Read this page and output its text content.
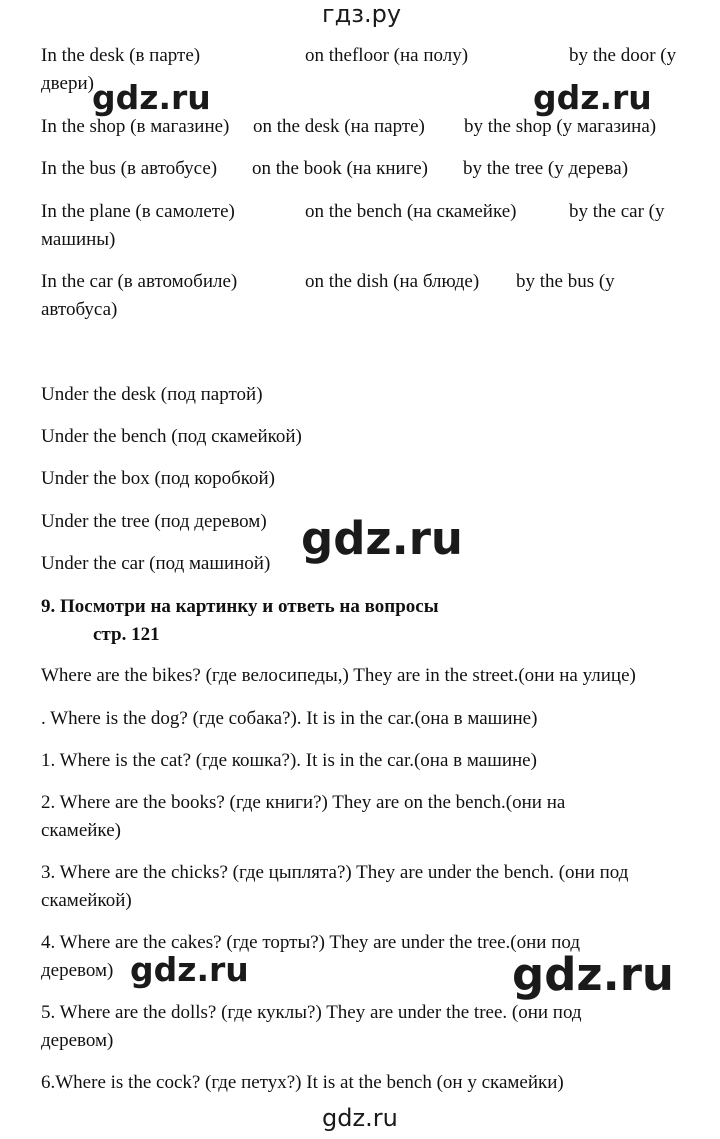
гдз.ру
In the desk (в парте)	on thefloor (на полу)	by the door (у
двери)
In the shop (в магазине) on the desk (на парте) by the shop (у магазина)
In the bus (в автобусе) on the book (на книге) by the tree (у дерева)
In the plane (в самолете)	on the bench (на скамейке)	by the car (у
машины)
In the car (в автомобиле)	on the dish (на блюде) by the bus (у
автобуса)
gdz.ru	gdz.ru
Under the desk (под партой)
Under the bench (под скамейкой)
Under the box (под коробкой)
Under the tree (под деревом)
Under the car (под машиной) gdz.ru
9. Посмотри на картинку и ответь на вопросы
стр. 121
Where are the bikes? (где велосипеды,) They are in the street.(они на улице)
. Where is the dog? (где собака?). It is in the car.(она в машине)
1. Where is the cat? (где кошка?). It is in the car.(она в машине)
2. Where are the books? (где книги?) They are on the bench.(они на
скамейке)
3. Where are the chicks? (где цыплята?) They are under the bench. (они под
скамейкой)
4. Where are the cakes? (где торты?) They are under the tree.(они под
деревом)
5. Where are the dolls? (где куклы?) They are under the tree. (они под
деревом)
6.Where is the cock? (где петух?) It is at the bench (он у скамейки)
gdz.ru	gdz.ru
gdz.ru
